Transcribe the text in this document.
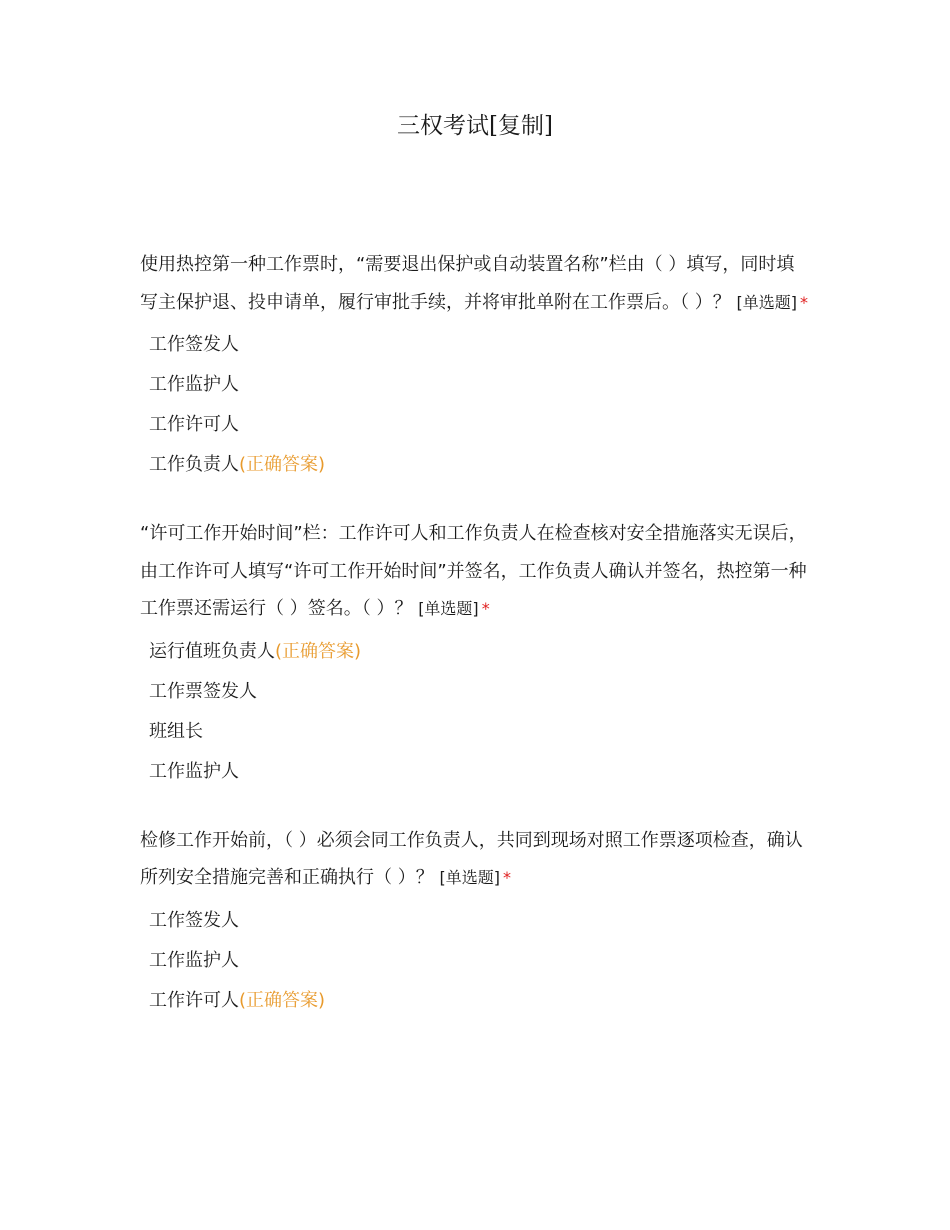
三权考试[复制]

使用热控第一种工作票时，“需要退出保护或自动装置名称”栏由（ ）填写，同时填写主保护退、投申请单，履行审批手续，并将审批单附在工作票后。（ ）？ [单选题] *

工作签发人
工作监护人
工作许可人
工作负责人(正确答案)

“许可工作开始时间”栏：工作许可人和工作负责人在检查核对安全措施落实无误后，由工作许可人填写“许可工作开始时间”并签名，工作负责人确认并签名，热控第一种工作票还需运行（ ）签名。（ ）？ [单选题] *

运行值班负责人(正确答案)
工作票签发人
班组长
工作监护人

检修工作开始前，（ ）必须会同工作负责人，共同到现场对照工作票逐项检查，确认所列安全措施完善和正确执行（ ）？ [单选题] *

工作签发人
工作监护人
工作许可人(正确答案)
